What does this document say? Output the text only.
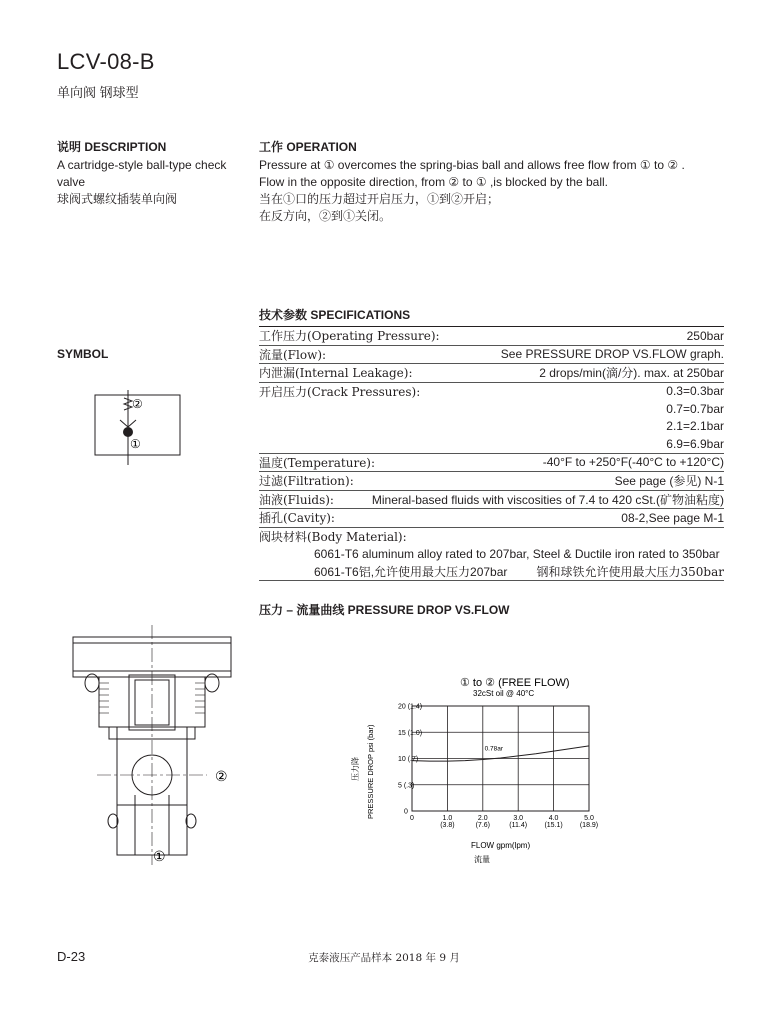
LCV-08-B
单向阀 钢球型
说明 DESCRIPTION
A cartridge-style ball-type check
valve
球阀式螺纹插装单向阀
工作 OPERATION
Pressure at ① overcomes the spring-bias ball and allows free flow from ① to ② .
Flow in the opposite direction, from ② to ① ,is blocked by the ball.
当在①口的压力超过开启压力，①到②开启；
在反方向，②到①关闭。
SYMBOL
②
①
技术参数 SPECIFICATIONS
工作压力(Operating Pressure):	250bar
流量(Flow):	See PRESSURE DROP VS.FLOW graph.
内泄漏(Internal Leakage):	2 drops/min(滴/分). max. at 250bar
开启压力(Crack Pressures):	0.3=0.3bar
0.7=0.7bar
2.1=2.1bar
6.9=6.9bar
温度(Temperature):	-40°F to +250°F(-40°C to +120°C)
过滤(Filtration):	See page (参见) N-1
油液(Fluids):	Mineral-based fluids with viscosities of 7.4 to 420 cSt.(矿物油粘度)
插孔(Cavity):	08-2,See page M-1
阀块材料(Body Material):
6061-T6 aluminum alloy rated to 207bar, Steel & Ductile iron rated to 350bar
6061-T6铝,允许使用最大压力207bar 钢和球铁允许使用最大压力350bar
压力 – 流量曲线 PRESSURE DROP VS.FLOW
②
①
① to ② (FREE FLOW)
32cSt oil @ 40°C
0	1.0
(3.8)
2.0
(7.6)
3.0
(11.4)
4.0
(15.1)
5.0
(18.9)
0
5 (.3)
10 (.7)
15 (1.0)
20 (1.4)
0.78ar
PRESSURE DROP psi (bar)
压力降
FLOW gpm(lpm)
流量
D-23	克泰液压产品样本 2018 年 9 月
